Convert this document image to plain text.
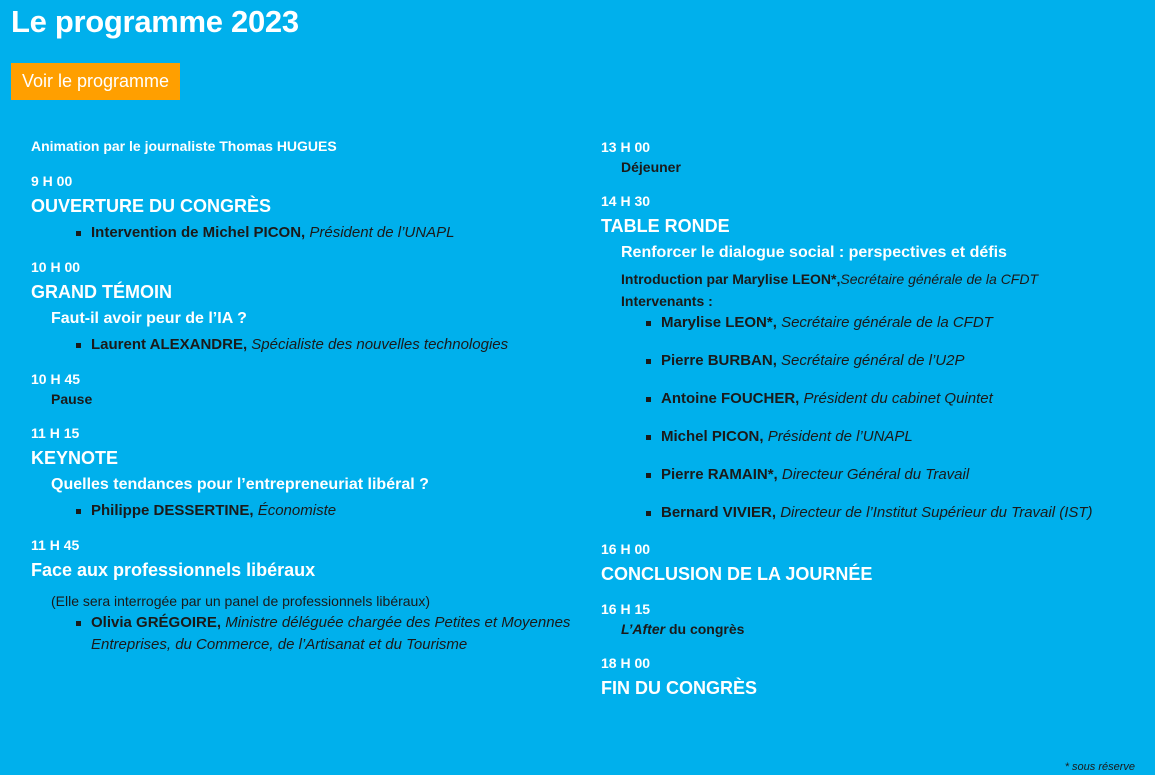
Le programme 2023
Voir le programme

Animation par le journaliste Thomas HUGUES

9 H 00

OUVERTURE DU CONGRÈS

Intervention de Michel PICON, Président de l’UNAPL

10 H 00

GRAND TÉMOIN

Faut-il avoir peur de l’IA ?

Laurent ALEXANDRE, Spécialiste des nouvelles technologies

10 H 45

Pause

11 H 15

KEYNOTE

Quelles tendances pour l’entrepreneuriat libéral ?

Philippe DESSERTINE, Économiste

11 H 45

Face aux professionnels libéraux

(Elle sera interrogée par un panel de professionnels libéraux)

Olivia GRÉGOIRE, Ministre déléguée chargée des Petites et Moyennes Entreprises, du Commerce, de l’Artisanat et du Tourisme

13 H 00

Déjeuner

14 H 30

TABLE RONDE

Renforcer le dialogue social : perspectives et défis

Introduction par Marylise LEON*,Secrétaire générale de la CFDT

Intervenants :

Marylise LEON*, Secrétaire générale de la CFDT
Pierre BURBAN, Secrétaire général de l’U2P
Antoine FOUCHER, Président du cabinet Quintet
Michel PICON, Président de l’UNAPL
Pierre RAMAIN*, Directeur Général du Travail
Bernard VIVIER, Directeur de l’Institut Supérieur du Travail (IST)

16 H 00

CONCLUSION DE LA JOURNÉE

16 H 15

L’After du congrès

18 H 00

FIN DU CONGRÈS

* sous réserve
